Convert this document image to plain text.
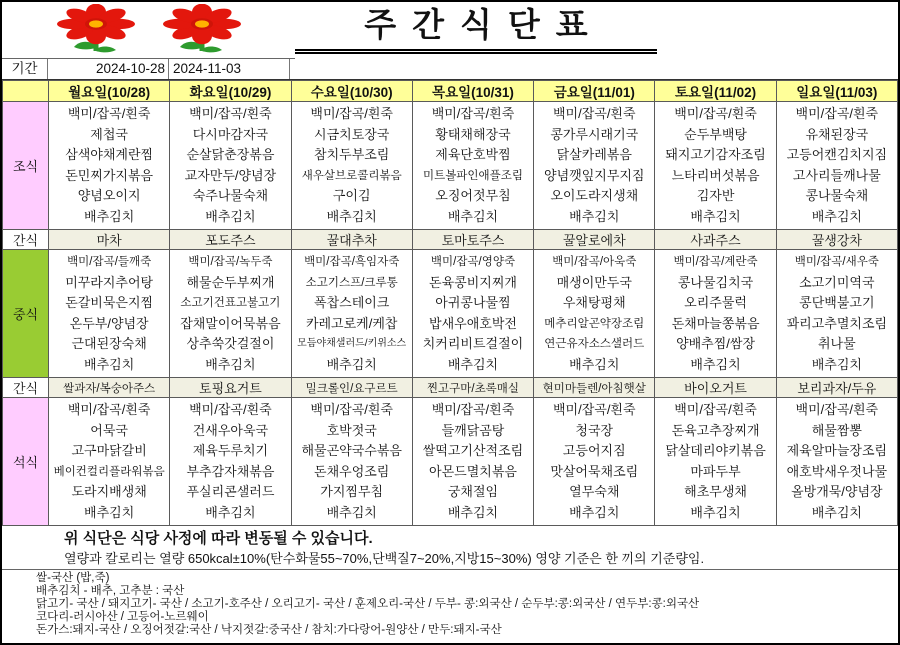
주간식단표
기간	2024-10-28 2024-11-03
	월요일(10/28)	화요일(10/29)	수요일(10/30)	목요일(10/31)	금요일(11/01)	토요일(11/02)	일요일(11/03)
조식	
백미/잡곡/흰죽
제첩국
삼색야채계란찜
돈민찌가지볶음
양념오이지
배추김치

백미/잡곡/흰죽
다시마감자국
순살닭춘장볶음
교자만두/양념장
숙주나물숙채
배추김치

백미/잡곡/흰죽
시금치토장국
참치두부조림
새우살브로콜리볶음
구이김
배추김치

백미/잡곡/흰죽
황태채해장국
제육단호박찜
미트볼파인애플조림
오징어젓무침
배추김치

백미/잡곡/흰죽
콩가루시래기국
닭살카레볶음
양념깻잎지무지짐
오이도라지생채
배추김치

백미/잡곡/흰죽
순두부백탕
돼지고기감자조림
느타리버섯볶음
김자반
배추김치

백미/잡곡/흰죽
유채된장국
고등어캔김치지짐
고사리들깨나물
콩나물숙채
배추김치

간식	마차	포도주스	꿀대추차	토마토주스	꿀알로에차	사과주스	꿀생강차
중식	
백미/잡곡/들깨죽
미꾸라지추어탕
돈갈비묵은지찜
온두부/양념장
근대된장숙채
배추김치

백미/잡곡/녹두죽
해물순두부찌개
소고기건표고불고기
잡채말이어묵볶음
상추쑥갓걸절이
배추김치

백미/잡곡/흑임자죽
소고기스프/크루통
폭찹스테이크
카레고로케/케찹
모듬야채샐러드/키위소스
배추김치

백미/잡곡/영양죽
돈육콩비지찌개
아귀콩나물찜
밥새우애호박전
치커리비트걸절이
배추김치

백미/잡곡/아욱죽
매생이만두국
우채탕평채
메추리알곤약장조림
연근유자소스샐러드
배추김치

백미/잡곡/계란죽
콩나물김치국
오리주물럭
돈채마늘쫑볶음
양배추찜/쌈장
배추김치

백미/잡곡/새우죽
소고기미역국
콩단백불고기
꽈리고추멸치조림
취나물
배추김치

간식	쌀과자/복숭아주스	토핑요거트	밀크롤인/요구르트	찐고구마/초록매실	현미마들렌/아침햇살	바이오거트	보리과자/두유
석식	
백미/잡곡/흰죽
어묵국
고구마닭갈비
베이컨컬리플라워볶음
도라지배생채
배추김치

백미/잡곡/흰죽
건새우아욱국
제육두루치기
부추감자채볶음
푸실리콘샐러드
배추김치

백미/잡곡/흰죽
호박젓국
해물곤약국수볶음
돈채우엉조림
가지찜무침
배추김치

백미/잡곡/흰죽
들깨닭곰탕
쌀떡고기산적조림
아몬드멸치볶음
궁채절임
배추김치

백미/잡곡/흰죽
청국장
고등어지짐
맛살어묵채조림
열무숙채
배추김치

백미/잡곡/흰죽
돈육고추장찌개
닭살데리야키볶음
마파두부
해초무생채
배추김치

백미/잡곡/흰죽
해물짬뽕
제육알마늘장조림
애호박새우젓나물
올방개묵/양념장
배추김치
위 식단은 식당 사정에 따라 변동될 수 있습니다.
열량과 칼로리는 열량 650kcal±10%(탄수화물55~70%,단백질7~20%,지방15~30%) 영양 기준은 한 끼의 기준량임.
쌀-국산 (밥,죽)
배추김치 - 배추, 고추분 : 국산
닭고기- 국산 / 돼지고기- 국산 / 소고기-호주산 / 오리고기- 국산 / 훈제오리-국산 / 두부- 콩:외국산 / 순두부:콩:외국산 / 연두부:콩:외국산
코다리-러시아산 / 고등어-노르웨이
돈가스:돼지-국산 / 오징어젓갈:국산 / 낙지젓갈:중국산 / 참치:가다랑어-원양산 / 만두:돼지-국산
